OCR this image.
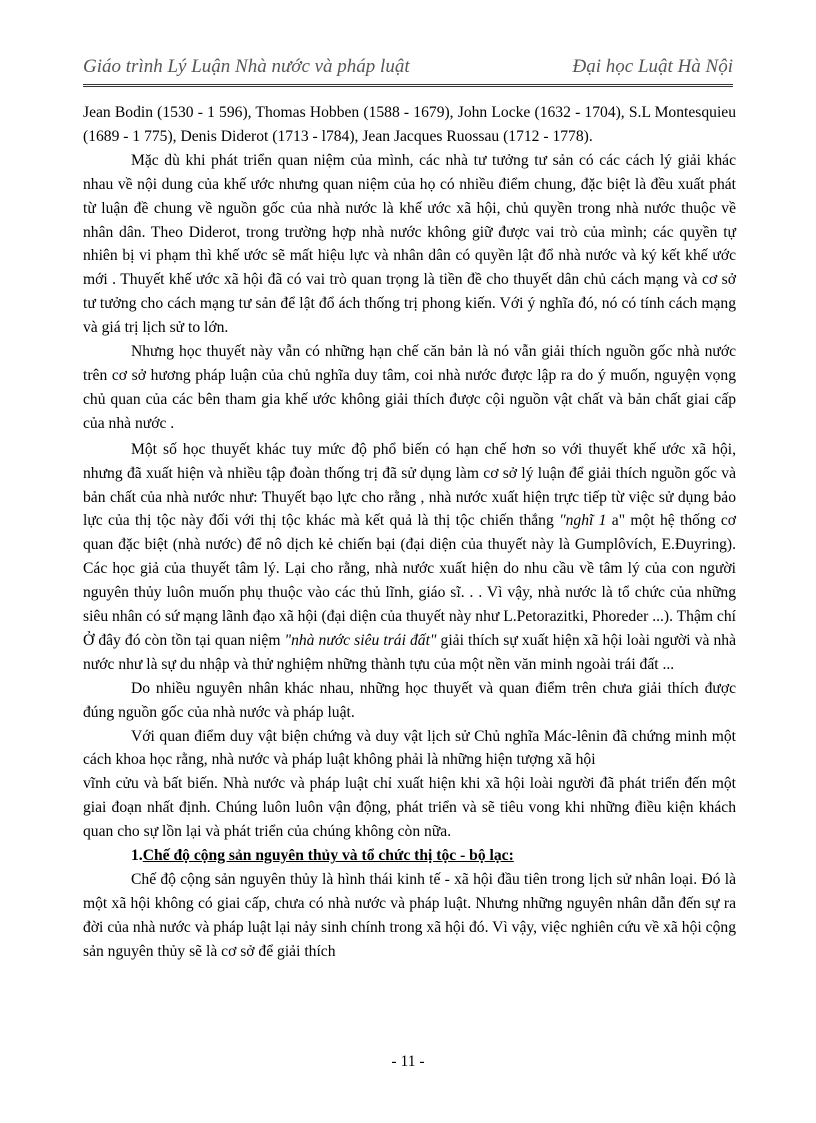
Giáo trình Lý Luận Nhà nước và pháp luật	Đại học Luật Hà Nội

Jean Bodin (1530 - 1 596), Thomas Hobben (1588 - 1679), John Locke (1632 - 1704), S.L Montesquieu (1689 - 1 775), Denis Diderot (1713 - l784), Jean Jacques Ruossau (1712 - 1778).

Mặc dù khi phát triển quan niệm của mình, các nhà tư tưởng tư sản có các cách lý giải khác nhau về nội dung của khế ước nhưng quan niệm của họ có nhiều điểm chung, đặc biệt là đều xuất phát từ luận đề chung về nguồn gốc của nhà nước là khế ước xã hội, chủ quyền trong nhà nước thuộc về nhân dân. Theo Diderot, trong trường hợp nhà nước không giữ được vai trò của mình; các quyền tự nhiên bị vi phạm thì khế ước sẽ mất hiệu lực và nhân dân có quyền lật đổ nhà nước và ký kết khế ước mới . Thuyết khế ước xã hội đã có vai trò quan trọng là tiền đề cho thuyết dân chủ cách mạng và cơ sở tư tưởng cho cách mạng tư sản để lật đổ ách thống trị phong kiến. Với ý nghĩa đó, nó có tính cách mạng và giá trị lịch sử to lớn.

Nhưng học thuyết này vẫn có những hạn chế căn bản là nó vẫn giải thích nguồn gốc nhà nước trên cơ sở hương pháp luận của chủ nghĩa duy tâm, coi nhà nước được lập ra do ý muốn, nguyện vọng chủ quan của các bên tham gia khế ước không giải thích được cội nguồn vật chất và bản chất giai cấp của nhà nước .

Một số học thuyết khác tuy mức độ phổ biến có hạn chế hơn so với thuyết khế ước xã hội, nhưng đã xuất hiện và nhiều tập đoàn thống trị đã sử dụng làm cơ sở lý luận để giải thích nguồn gốc và bản chất của nhà nước như: Thuyết bạo lực cho rằng , nhà nước xuất hiện trực tiếp từ việc sử dụng bảo lực của thị tộc này đối với thị tộc khác mà kết quả là thị tộc chiến thắng "nghĩ 1 a" một hệ thống cơ quan đặc biệt (nhà nước) để nô dịch kẻ chiến bại (đại diện của thuyết này là Gumplôvích, E.Đuyring). Các học giả của thuyết tâm lý. Lại cho rằng, nhà nước xuất hiện do nhu cầu về tâm lý của con người nguyên thủy luôn muốn phụ thuộc vào các thủ lĩnh, giáo sĩ. . . Vì vậy, nhà nước là tổ chức của những siêu nhân có sứ mạng lãnh đạo xã hội (đại diện của thuyết này như L.Petorazitki, Phoreder ...). Thậm chí Ở đây đó còn tồn tại quan niệm "nhà nước siêu trái đất" giải thích sự xuất hiện xã hội loài người và nhà nước như là sự du nhập và thử nghiệm những thành tựu của một nền văn minh ngoài trái đất ...

Do nhiều nguyên nhân khác nhau, những học thuyết và quan điểm trên chưa giải thích được đúng nguồn gốc của nhà nước và pháp luật.

Với quan điểm duy vật biện chứng và duy vật lịch sử Chủ nghĩa Mác-lênin đã chứng minh một cách khoa học rằng, nhà nước và pháp luật không phải là những hiện tượng xã hội

vĩnh cửu và bất biến. Nhà nước và pháp luật chỉ xuất hiện khi xã hội loài người đã phát triển đến một giai đoạn nhất định. Chúng luôn luôn vận động, phát triển và sẽ tiêu vong khi những điều kiện khách quan cho sự lồn lại và phát triển của chúng không còn nữa.

1.Chế độ cộng sản nguyên thủy và tổ chức thị tộc - bộ lạc:

Chế độ cộng sản nguyên thủy là hình thái kinh tế - xã hội đầu tiên trong lịch sử nhân loại. Đó là một xã hội không có giai cấp, chưa có nhà nước và pháp luật. Nhưng những nguyên nhân dẫn đến sự ra đời của nhà nước và pháp luật lại nảy sinh chính trong xã hội đó. Vì vậy, việc nghiên cứu về xã hội cộng sản nguyên thủy sẽ là cơ sở để giải thích

- 11 -
